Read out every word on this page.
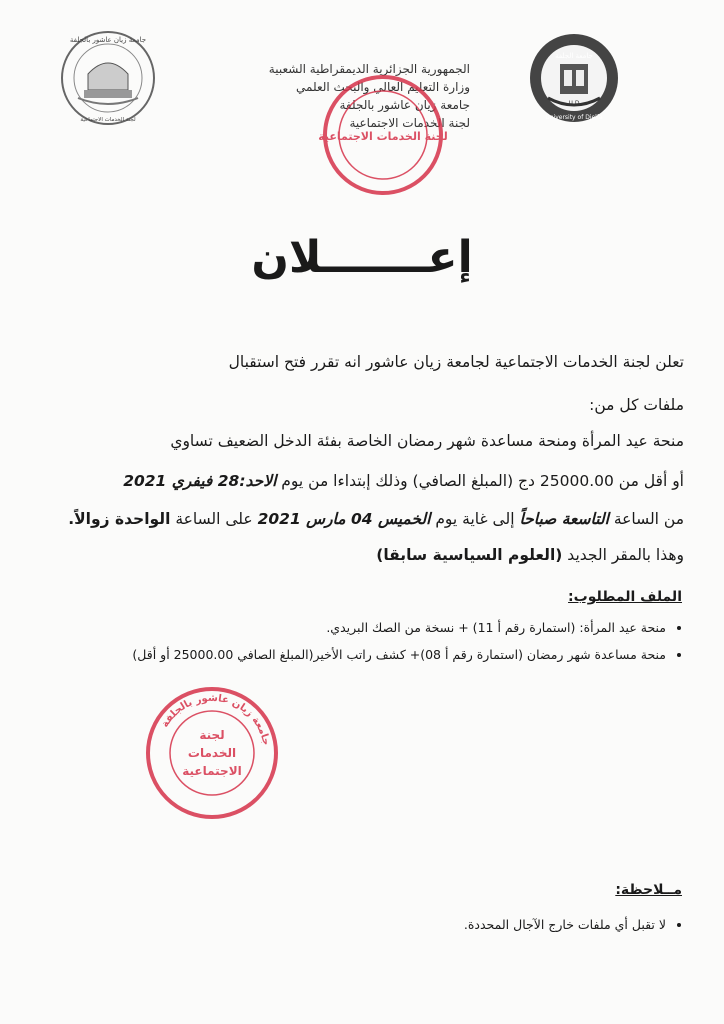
جامعة زيان عاشور بالجلفة
لجنة الخدمات الاجتماعية
جامعة الجلفة
U D
University of Djelfa
الجمهورية الجزائرية الديمقراطية الشعبية
وزارة التعليم العالي والبحث العلمي
جامعة زيان عاشور بالجلفة
لجنة الخدمات الاجتماعية
لجنة الخدمات الاجتماعية
إعـــــــلان
تعلن لجنة الخدمات الاجتماعية لجامعة زيان عاشور انه تقرر فتح استقبال
ملفات كل من:
منحة عيد المرأة ومنحة مساعدة شهر رمضان الخاصة بفئة الدخل الضعيف تساوي
أو أقل من 25000.00 دج (المبلغ الصافي) وذلك إبتداءا من يوم الاحد:28 فيفري 2021
من الساعة التاسعة صباحاً إلى غاية يوم الخميس 04 مارس 2021 على الساعة الواحدة زوالاً.
وهذا بالمقر الجديد (العلوم السياسية سابقا)
الملف المطلوب:
• منحة عيد المرأة: (استمارة رقم أ 11) + نسخة من الصك البريدي.
• منحة مساعدة شهر رمضان (استمارة رقم أ 08)+ كشف راتب الأخير(المبلغ الصافي 25000.00 أو أقل)
جامعة زيان عاشور بالجلفة
لجنة
الخدمات
الاجتماعية
مــلاحظة:
• لا تقبل أي ملفات خارج الآجال المحددة.
